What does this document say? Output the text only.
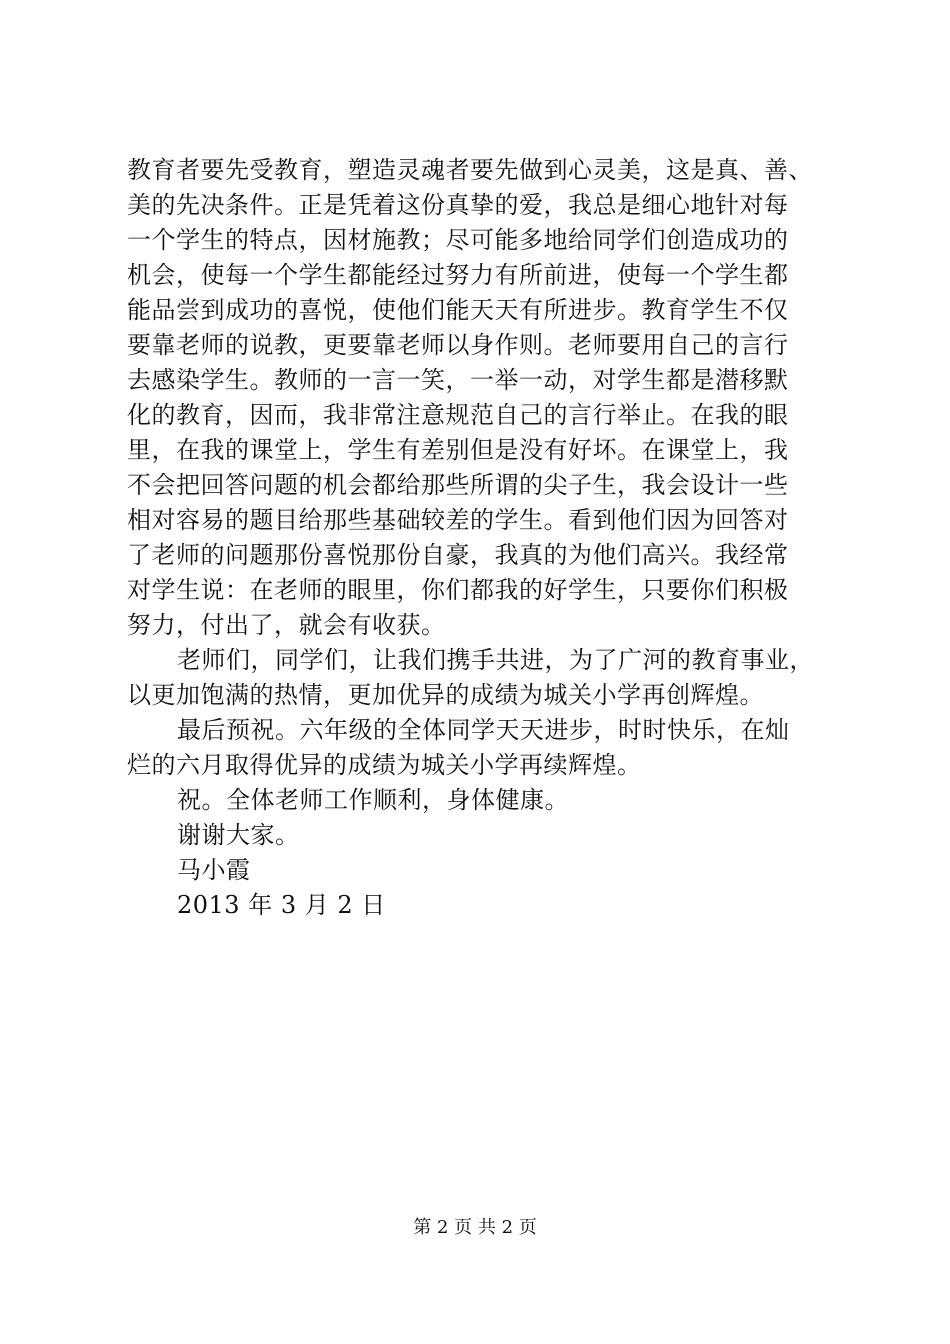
教育者要先受教育，塑造灵魂者要先做到心灵美，这是真、善、
美的先决条件。正是凭着这份真挚的爱，我总是细心地针对每
一个学生的特点，因材施教；尽可能多地给同学们创造成功的
机会，使每一个学生都能经过努力有所前进，使每一个学生都
能品尝到成功的喜悦，使他们能天天有所进步。教育学生不仅
要靠老师的说教，更要靠老师以身作则。老师要用自己的言行
去感染学生。教师的一言一笑，一举一动，对学生都是潜移默
化的教育，因而，我非常注意规范自己的言行举止。在我的眼
里，在我的课堂上，学生有差别但是没有好坏。在课堂上，我
不会把回答问题的机会都给那些所谓的尖子生，我会设计一些
相对容易的题目给那些基础较差的学生。看到他们因为回答对
了老师的问题那份喜悦那份自豪，我真的为他们高兴。我经常
对学生说：在老师的眼里，你们都我的好学生，只要你们积极
努力，付出了，就会有收获。
老师们，同学们，让我们携手共进，为了广河的教育事业，
以更加饱满的热情，更加优异的成绩为城关小学再创辉煌。
最后预祝。六年级的全体同学天天进步，时时快乐，在灿
烂的六月取得优异的成绩为城关小学再续辉煌。
祝。全体老师工作顺利，身体健康。
谢谢大家。
马小霞
2013 年 3 月 2 日
第 2 页 共 2 页
